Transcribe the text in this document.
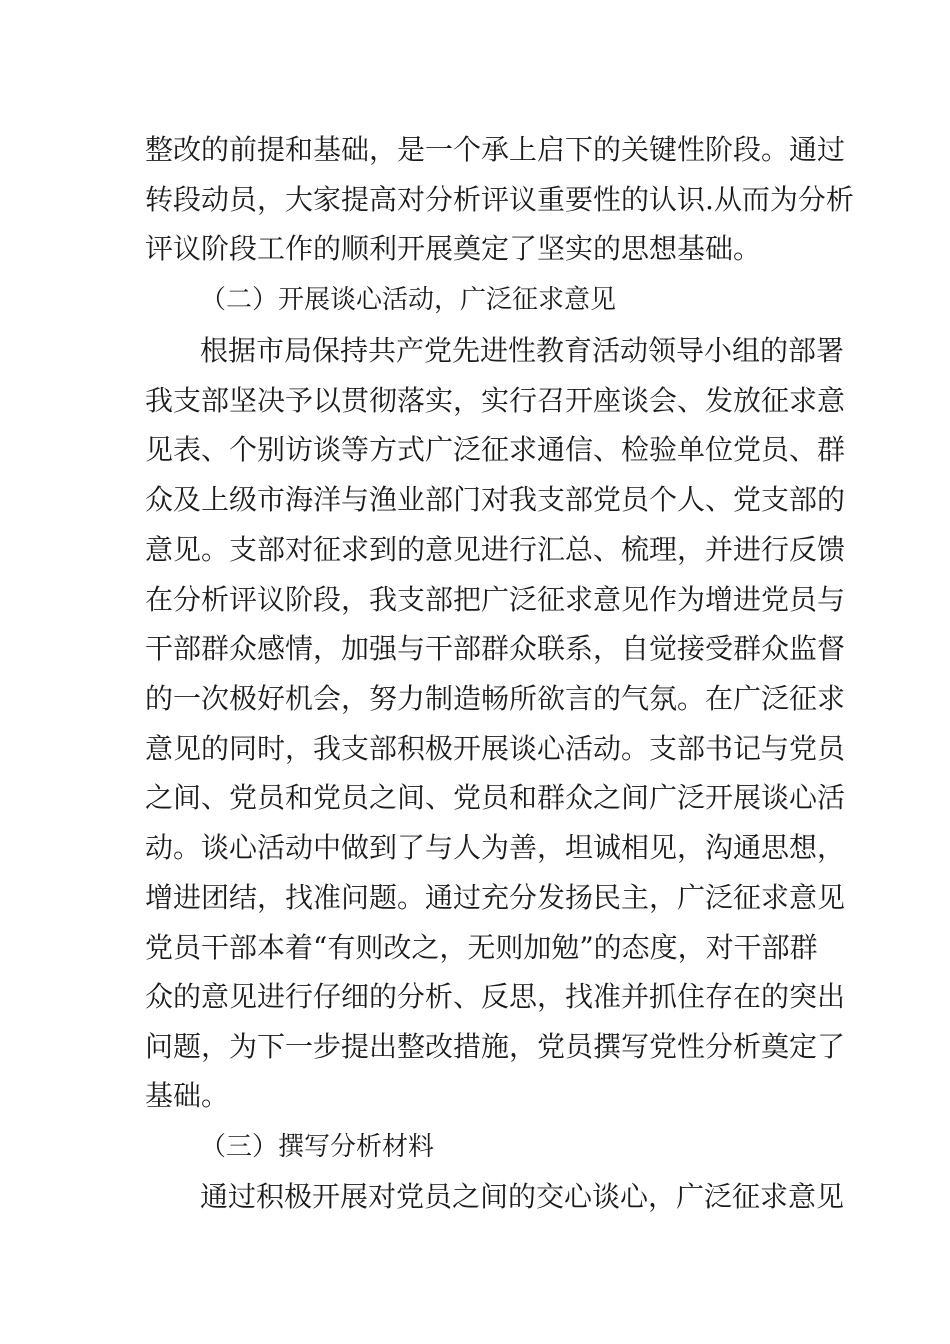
整改的前提和基础，是一个承上启下的关键性阶段。通过
转段动员，大家提高对分析评议重要性的认识.从而为分析
评议阶段工作的顺利开展奠定了坚实的思想基础。
（二）开展谈心活动，广泛征求意见
根据市局保持共产党先进性教育活动领导小组的部署
我支部坚决予以贯彻落实，实行召开座谈会、发放征求意
见表、个别访谈等方式广泛征求通信、检验单位党员、群
众及上级市海洋与渔业部门对我支部党员个人、党支部的
意见。支部对征求到的意见进行汇总、梳理，并进行反馈
在分析评议阶段，我支部把广泛征求意见作为增进党员与
干部群众感情，加强与干部群众联系，自觉接受群众监督
的一次极好机会，努力制造畅所欲言的气氛。在广泛征求
意见的同时，我支部积极开展谈心活动。支部书记与党员
之间、党员和党员之间、党员和群众之间广泛开展谈心活
动。谈心活动中做到了与人为善，坦诚相见，沟通思想，
增进团结，找准问题。通过充分发扬民主，广泛征求意见
党员干部本着“有则改之，无则加勉”的态度，对干部群
众的意见进行仔细的分析、反思，找准并抓住存在的突出
问题，为下一步提出整改措施，党员撰写党性分析奠定了
基础。
（三）撰写分析材料
通过积极开展对党员之间的交心谈心，广泛征求意见
